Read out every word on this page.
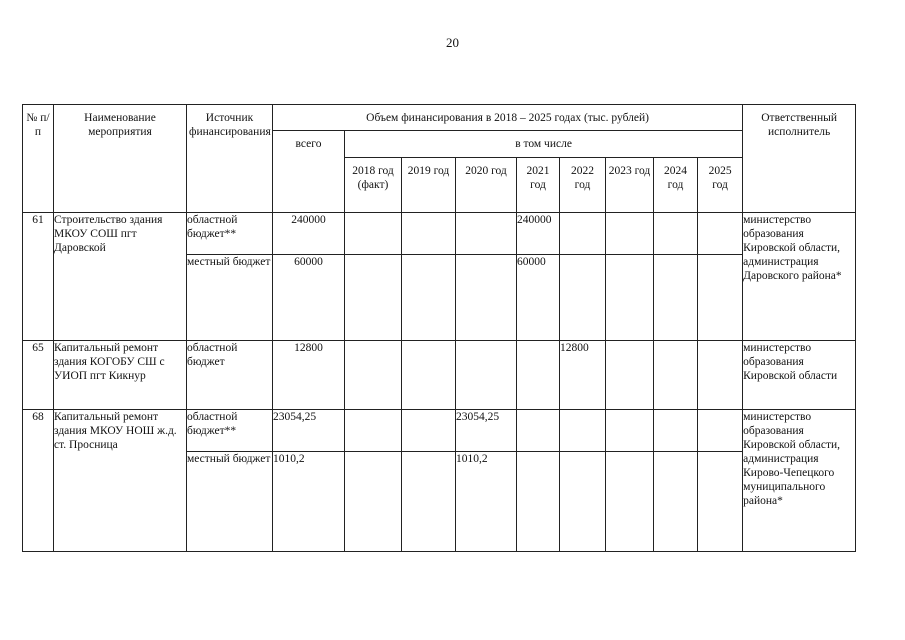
20
№ п/п	Наименование мероприятия	Источник финансирования	Объем финансирования в 2018 – 2025 годах (тыс. рублей)									Ответственный исполнитель

			всего	в том числе								

				2018 год (факт)	2019 год	2020 год	2021 год	2022 год	2023 год	2024 год	2025 год	

61	Строительство здания МКОУ СОШ пгт Даровской	областной бюджет**	240000				240000					министерство образования Кировской области, администрация Даровского района*
		местный бюджет	60000				60000					
65	Капитальный ремонт здания КОГОБУ СШ с УИОП пгт Кикнур	областной бюджет	12800					12800				министерство образования Кировской области
68	Капитальный ремонт здания МКОУ НОШ ж.д. ст. Просница	областной бюджет**	23054,25			23054,25						министерство образования Кировской области, администрация Кирово-Чепецкого муниципального района*
		местный бюджет	1010,2			1010,2						
